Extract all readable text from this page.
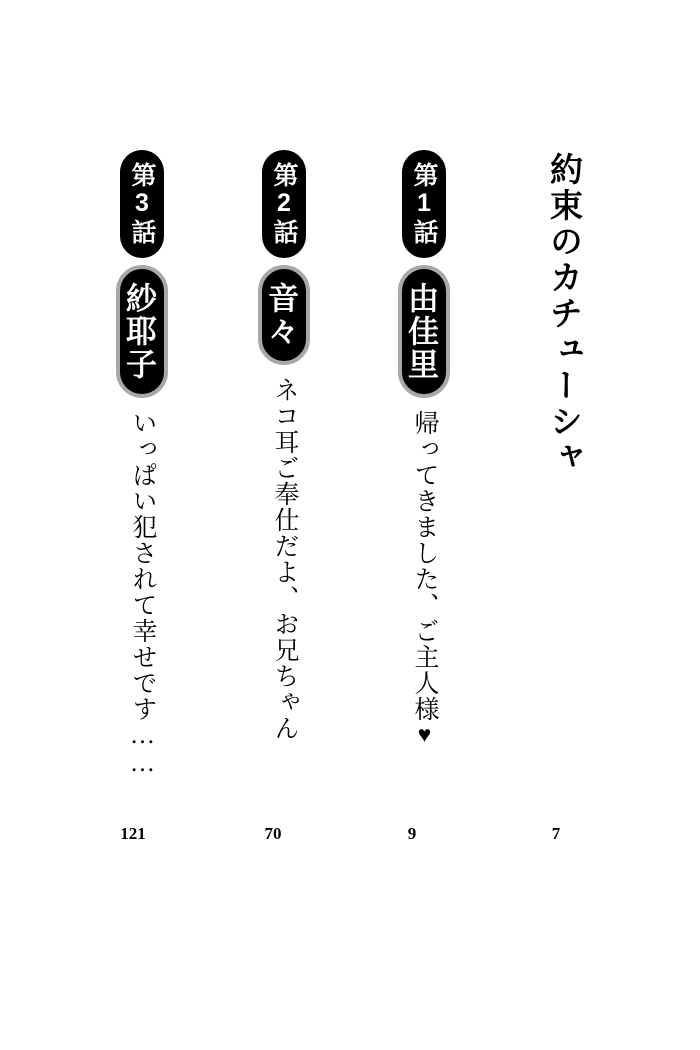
約束のカチューシャ
第1話
由佳里
帰ってきました、ご主人様♥
第2話
音々
ネコ耳ご奉仕だよ、お兄ちゃん
第3話
紗耶子
いっぱい犯されて幸せです……
7
9
70
121
